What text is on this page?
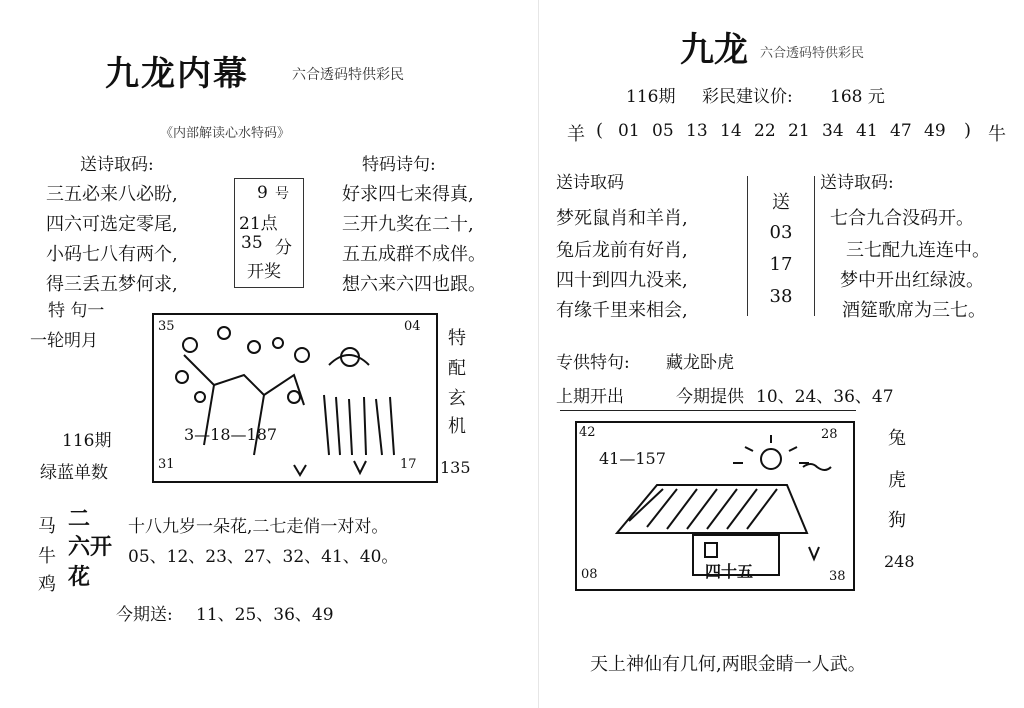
九龙内幕	六合透码特供彩民
《内部解读心水特码》
送诗取码:	特码诗句:
三五必来八必盼,
四六可选定零尾,
小码七八有两个,
得三丢五梦何求,
9 号
21点
35 分
开奖
好求四七来得真,
三开九奖在二十,
五五成群不成伴。
想六来六四也跟。
特 句一
一轮明月
35	04
31	17
3—18—187
特
配
玄
机
135
116期
绿蓝单数
马
牛
鸡
二
六开
花
十八九岁一朵花,二七走俏一对对。
05、12、23、27、32、41、40。
今期送: 11、25、36、49
九龙 六合透码特供彩民
116期 彩民建议价: 168 元
羊 ( 01 05 13 14 22 21 34 41 47 49 ) 牛
送诗取码	送诗取码:
梦死鼠肖和羊肖,
兔后龙前有好肖,
四十到四九没来,
有缘千里来相会,
送
03
17
38
七合九合没码开。
三七配九连连中。
梦中开出红绿波。
酒筵歌席为三七。
专供特句: 藏龙卧虎
上期开出	今期提供 10、24、36、47
42	28
08	38
41—157
四十五
兔
虎
狗
248
天上神仙有几何,两眼金睛一人武。
